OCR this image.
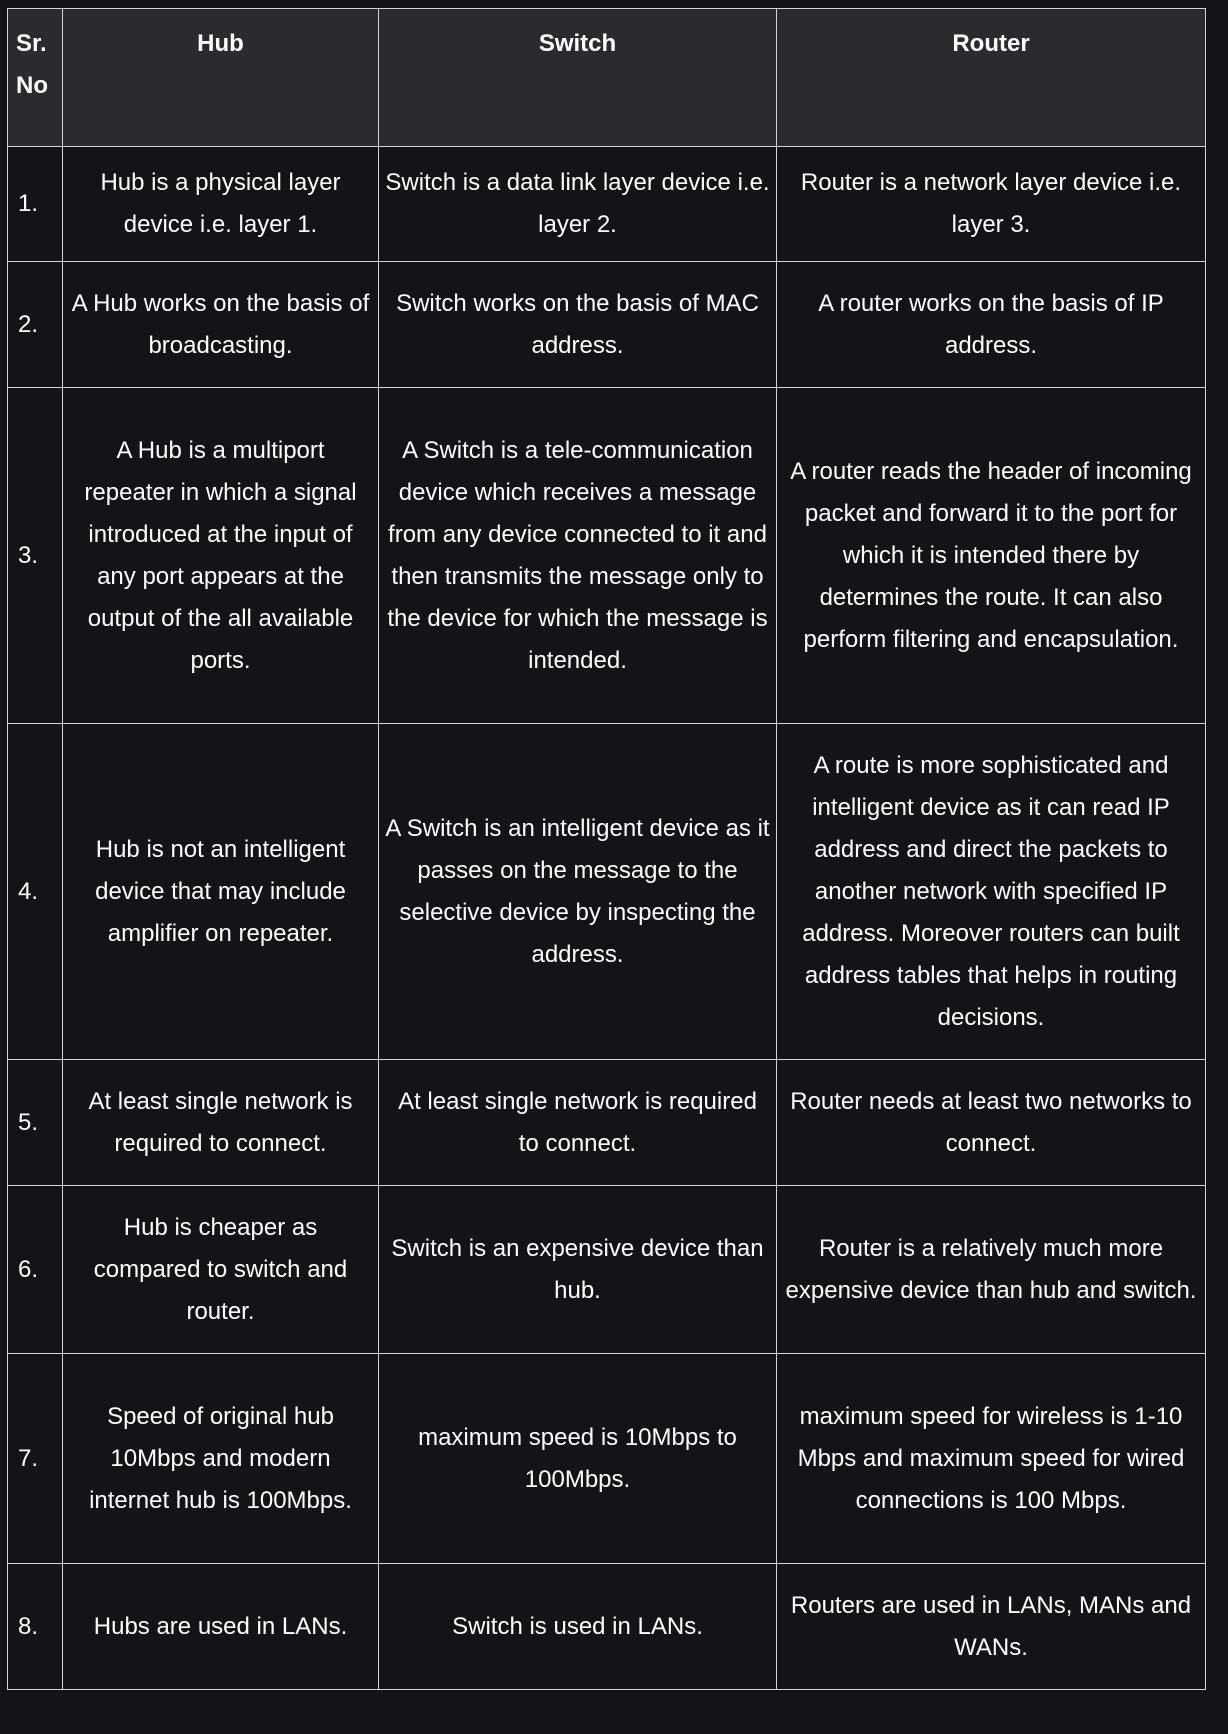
Sr. No	Hub	Switch	Router
1.	Hub is a physical layer device i.e. layer 1.	Switch is a data link layer device i.e. layer 2.	Router is a network layer device i.e. layer 3.
2.	A Hub works on the basis of broadcasting.	Switch works on the basis of MAC address.	A router works on the basis of IP address.
3.	A Hub is a multiport repeater in which a signal introduced at the input of any port appears at the output of the all available ports.	A Switch is a tele-communication device which receives a message from any device connected to it and then transmits the message only to the device for which the message is intended.	A router reads the header of incoming packet and forward it to the port for which it is intended there by determines the route. It can also perform filtering and encapsulation.
4.	Hub is not an intelligent device that may include amplifier on repeater.	A Switch is an intelligent device as it passes on the message to the selective device by inspecting the address.	A route is more sophisticated and intelligent device as it can read IP address and direct the packets to another network with specified IP address. Moreover routers can built address tables that helps in routing decisions.
5.	At least single network is required to connect.	At least single network is required to connect.	Router needs at least two networks to connect.
6.	Hub is cheaper as compared to switch and router.	Switch is an expensive device than hub.	Router is a relatively much more expensive device than hub and switch.
7.	Speed of original hub 10Mbps and modern internet hub is 100Mbps.	maximum speed is 10Mbps to 100Mbps.	maximum speed for wireless is 1-10 Mbps and maximum speed for wired connections is 100 Mbps.
8.	Hubs are used in LANs.	Switch is used in LANs.	Routers are used in LANs, MANs and WANs.
